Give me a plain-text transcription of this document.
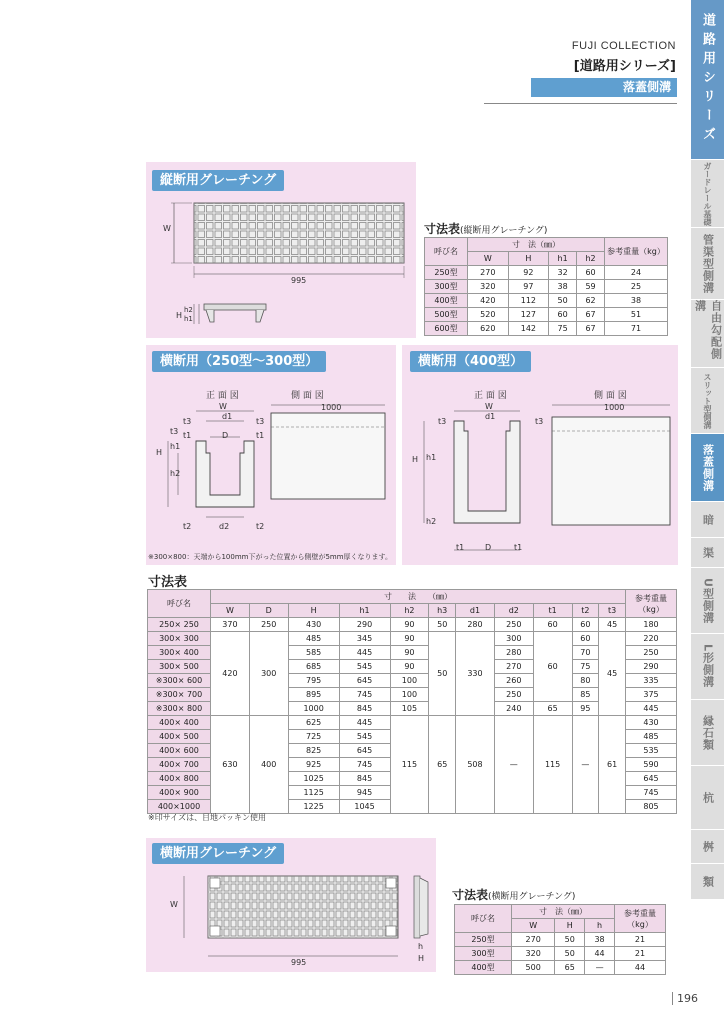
FUJI COLLECTION
[道路用シリーズ]
落蓋側溝	道路用シリーズ
ガードレール基礎
管渠型側溝
自由勾配側溝
スリット型側溝
落蓋側溝
暗
渠
U型側溝
L形側溝
縁石類
杭
桝
類
縦断用グレーチング
W
995
H
h2
h1
寸法表(縦断用グレーチング)
呼び名	寸　法（㎜）				参考重量（kg）
	W	H	h1	h2	
250型	270	92	32	60	24
300型	320	97	38	59	25
400型	420	112	50	62	38
500型	520	127	60	67	51
600型	620	142	75	67	71
横断用（250型〜300型）
正 面 図	側 面 図
W
d1
t3	t3
t3 t1	t1
D
H
h1
h2
t2	d2	t2
1000
※300×800：天端から100mm下がった位置から側壁が5mm厚くなります。
横断用（400型）
正 面 図	側 面 図
W
d1
t3	t3
H h1
h2
t1	D	t1
1000
寸法表
呼び名	寸　　法　　（㎜）											参考重量（kg）
	W	D	H	h1	h2	h3	d1	d2	t1	t2	t3	
250× 250	370	250	430	290	90	50	280	250	60	60	45	180
300× 300	420	300	485	345	90	50	330	300	60	60	45	220
300× 400			585	445	90			280		70		250
300× 500			685	545	90			270		75		290
※300× 600			795	645	100			260		80		335
※300× 700			895	745	100			250		85		375
※300× 800			1000	845	105			240	65	95		445
400× 400	630	400	625	445	115	65	508	—	115	—	61	430
400× 500			725	545								485
400× 600			825	645								535
400× 700			925	745								590
400× 800			1025	845								645
400× 900			1125	945								745
400×1000			1225	1045								805
※印サイズは、目地パッキン使用
横断用グレーチング
W
995
h
H
寸法表(横断用グレーチング)
呼び名	寸　法（㎜）			参考重量（kg）
	W	H	h	
250型	270	50	38	21
300型	320	50	44	21
400型	500	65	—	44
196
